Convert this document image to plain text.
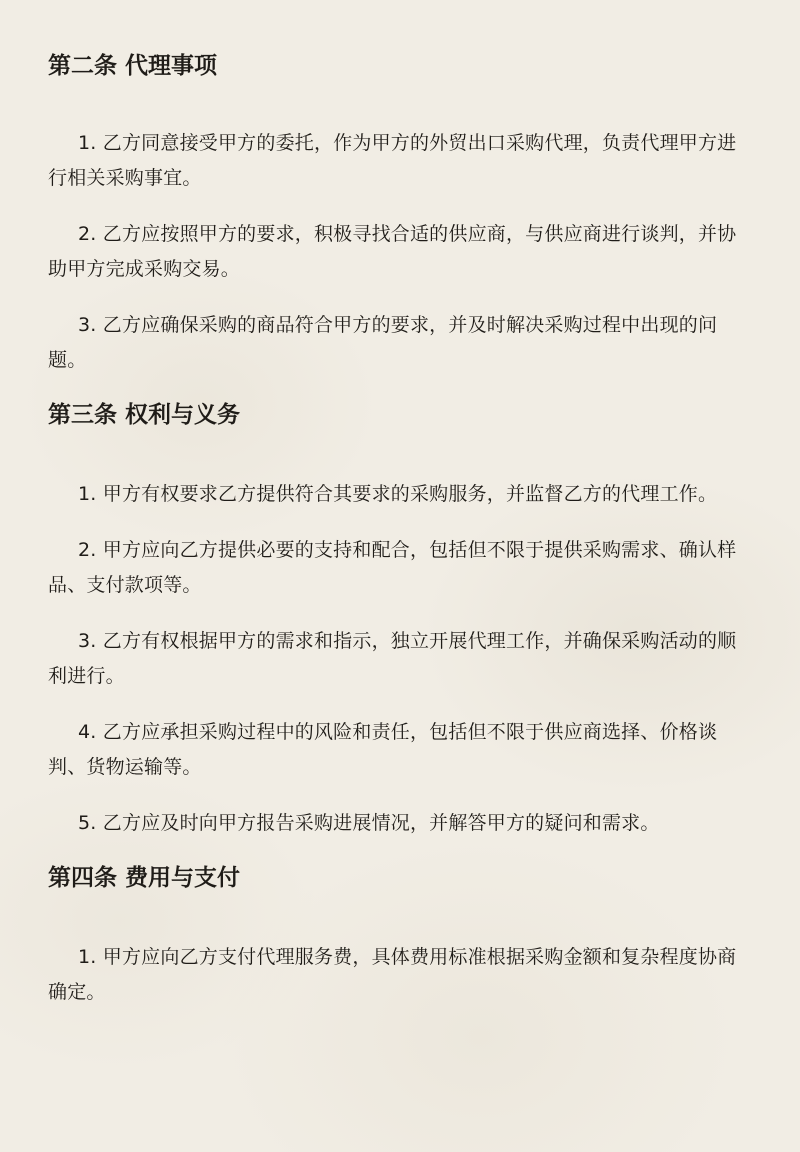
第二条 代理事项

1. 乙方同意接受甲方的委托，作为甲方的外贸出口采购代理，负责代理甲方进行相关采购事宜。

2. 乙方应按照甲方的要求，积极寻找合适的供应商，与供应商进行谈判，并协助甲方完成采购交易。

3. 乙方应确保采购的商品符合甲方的要求，并及时解决采购过程中出现的问题。

第三条 权利与义务

1. 甲方有权要求乙方提供符合其要求的采购服务，并监督乙方的代理工作。

2. 甲方应向乙方提供必要的支持和配合，包括但不限于提供采购需求、确认样品、支付款项等。

3. 乙方有权根据甲方的需求和指示，独立开展代理工作，并确保采购活动的顺利进行。

4. 乙方应承担采购过程中的风险和责任，包括但不限于供应商选择、价格谈判、货物运输等。

5. 乙方应及时向甲方报告采购进展情况，并解答甲方的疑问和需求。

第四条 费用与支付

1. 甲方应向乙方支付代理服务费，具体费用标准根据采购金额和复杂程度协商确定。
